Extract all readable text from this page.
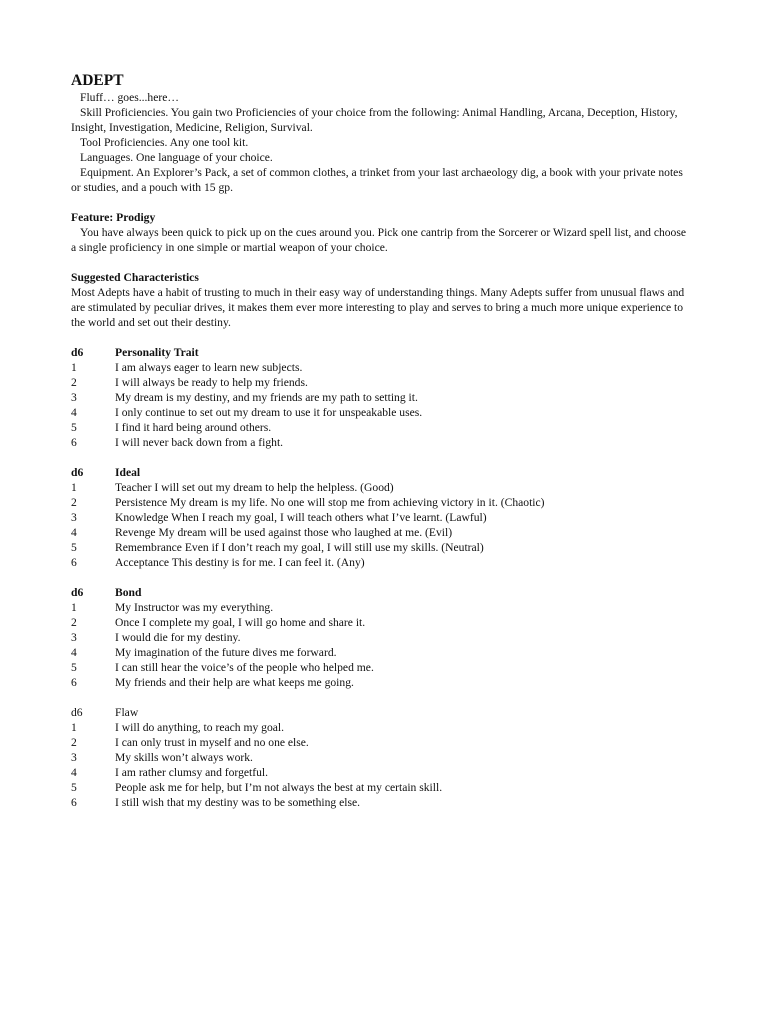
ADEPT

Fluff… goes...here…

Skill Proficiencies. You gain two Proficiencies of your choice from the following: Animal Handling, Arcana, Deception, History, Insight, Investigation, Medicine, Religion, Survival.

Tool Proficiencies. Any one tool kit.

Languages. One language of your choice.

Equipment. An Explorer’s Pack, a set of common clothes, a trinket from your last archaeology dig, a book with your private notes or studies, and a pouch with 15 gp.

Feature: Prodigy

You have always been quick to pick up on the cues around you. Pick one cantrip from the Sorcerer or Wizard spell list, and choose a single proficiency in one simple or martial weapon of your choice.

Suggested Characteristics

Most Adepts have a habit of trusting to much in their easy way of understanding things. Many Adepts suffer from unusual flaws and are stimulated by peculiar drives, it makes them ever more interesting to play and serves to bring a much more unique experience to the world and set out their destiny.

d6	Personality Trait
1	I am always eager to learn new subjects.
2	I will always be ready to help my friends.
3	My dream is my destiny, and my friends are my path to setting it.
4	I only continue to set out my dream to use it for unspeakable uses.
5	I find it hard being around others.
6	I will never back down from a fight.
d6	Ideal
1	Teacher I will set out my dream to help the helpless. (Good)
2	Persistence My dream is my life. No one will stop me from achieving victory in it. (Chaotic)
3	Knowledge When I reach my goal, I will teach others what I’ve learnt. (Lawful)
4	Revenge My dream will be used against those who laughed at me. (Evil)
5	Remembrance Even if I don’t reach my goal, I will still use my skills. (Neutral)
6	Acceptance This destiny is for me. I can feel it. (Any)
d6	Bond
1	My Instructor was my everything.
2	Once I complete my goal, I will go home and share it.
3	I would die for my destiny.
4	My imagination of the future dives me forward.
5	I can still hear the voice’s of the people who helped me.
6	My friends and their help are what keeps me going.
d6	Flaw
1	I will do anything, to reach my goal.
2	I can only trust in myself and no one else.
3	My skills won’t always work.
4	I am rather clumsy and forgetful.
5	People ask me for help, but I’m not always the best at my certain skill.
6	I still wish that my destiny was to be something else.
